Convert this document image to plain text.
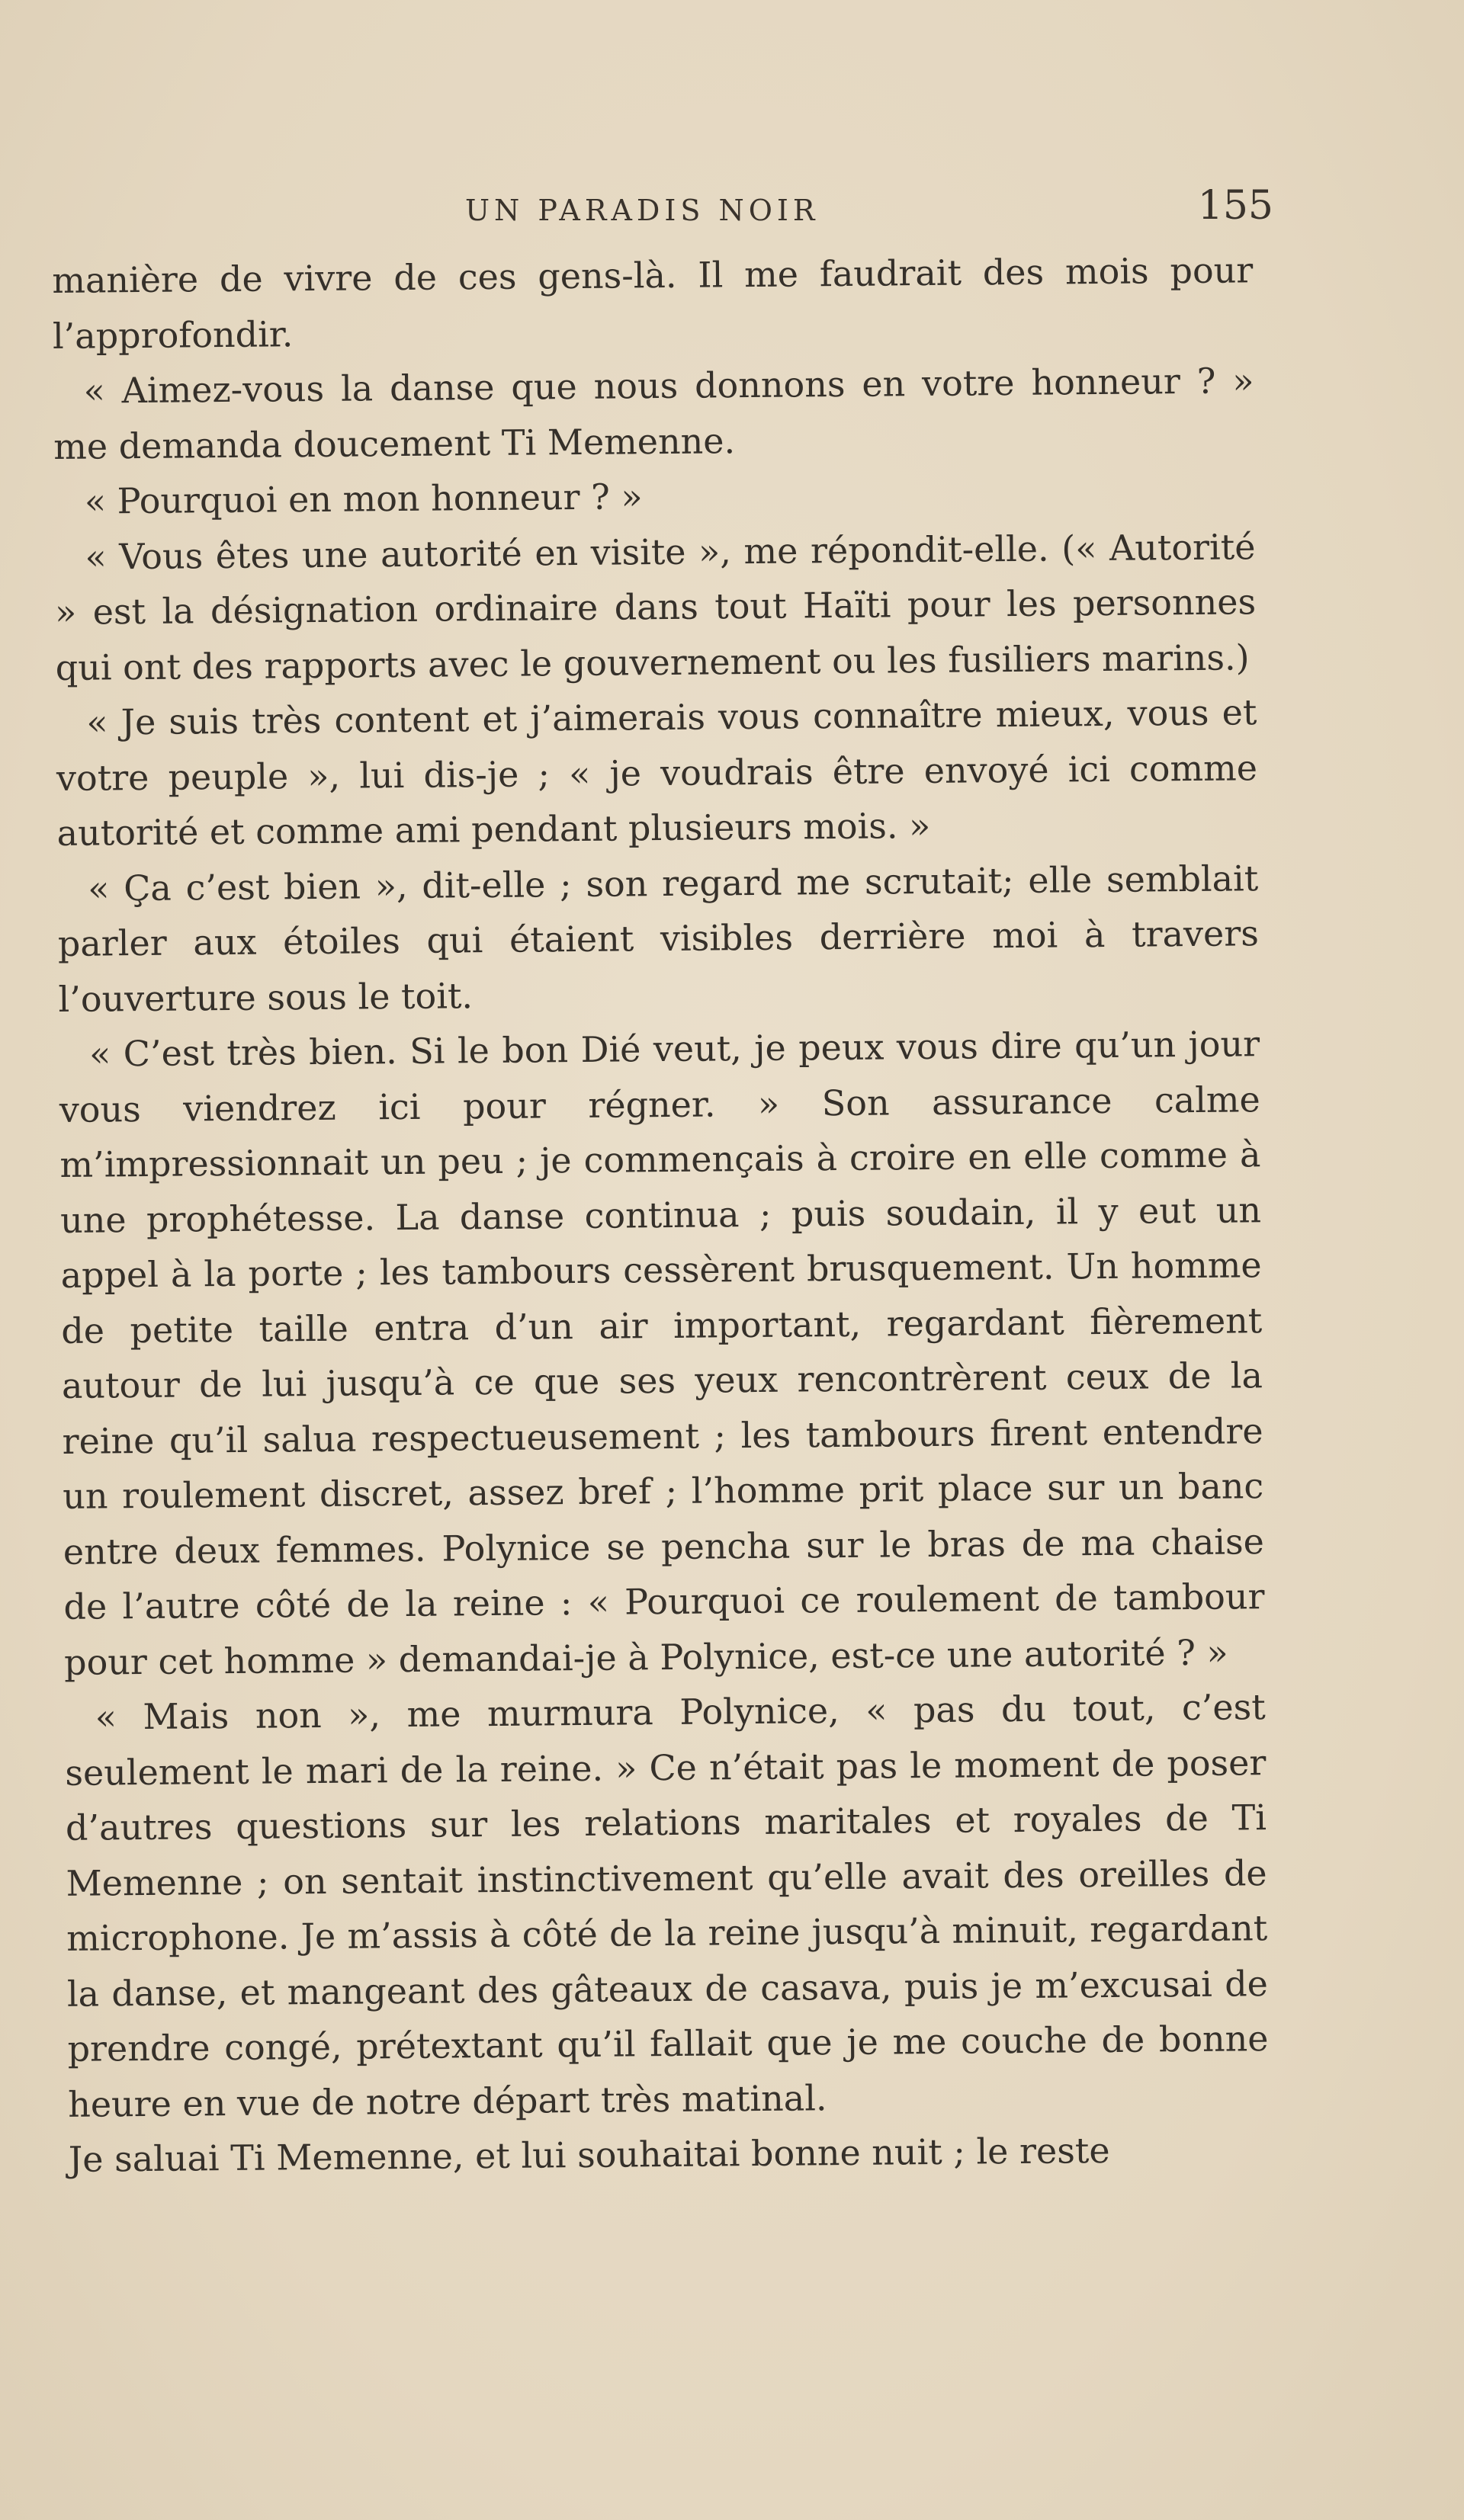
UN PARADIS NOIR	155

manière de vivre de ces gens-là. Il me faudrait des mois pour l’approfondir.

« Aimez-vous la danse que nous donnons en votre honneur ? » me demanda doucement Ti Memenne.

« Pourquoi en mon honneur ? »

« Vous êtes une autorité en visite », me répondit-elle. (« Autorité » est la désignation ordinaire dans tout Haïti pour les personnes qui ont des rapports avec le gouvernement ou les fusiliers marins.)

« Je suis très content et j’aimerais vous connaître mieux, vous et votre peuple », lui dis-je ; « je voudrais être envoyé ici comme autorité et comme ami pendant plusieurs mois. »

« Ça c’est bien », dit-elle ; son regard me scrutait; elle semblait parler aux étoiles qui étaient visibles derrière moi à travers l’ouverture sous le toit.

« C’est très bien. Si le bon Dié veut, je peux vous dire qu’un jour vous viendrez ici pour régner. » Son assurance calme m’impressionnait un peu ; je commençais à croire en elle comme à une prophétesse. La danse continua ; puis soudain, il y eut un appel à la porte ; les tambours cessèrent brusquement. Un homme de petite taille entra d’un air important, regardant fièrement autour de lui jusqu’à ce que ses yeux rencontrèrent ceux de la reine qu’il salua respectueusement ; les tambours firent entendre un roulement discret, assez bref ; l’homme prit place sur un banc entre deux femmes. Polynice se pencha sur le bras de ma chaise de l’autre côté de la reine : « Pourquoi ce roulement de tambour pour cet homme » demandai-je à Polynice, est-ce une autorité ? »

« Mais non », me murmura Polynice, « pas du tout, c’est seulement le mari de la reine. » Ce n’était pas le moment de poser d’autres questions sur les relations maritales et royales de Ti Memenne ; on sentait instinctivement qu’elle avait des oreilles de microphone. Je m’assis à côté de la reine jusqu’à minuit, regardant la danse, et mangeant des gâteaux de casava, puis je m’excusai de prendre congé, prétextant qu’il fallait que je me couche de bonne heure en vue de notre départ très matinal.

Je saluai Ti Memenne, et lui souhaitai bonne nuit ; le reste
